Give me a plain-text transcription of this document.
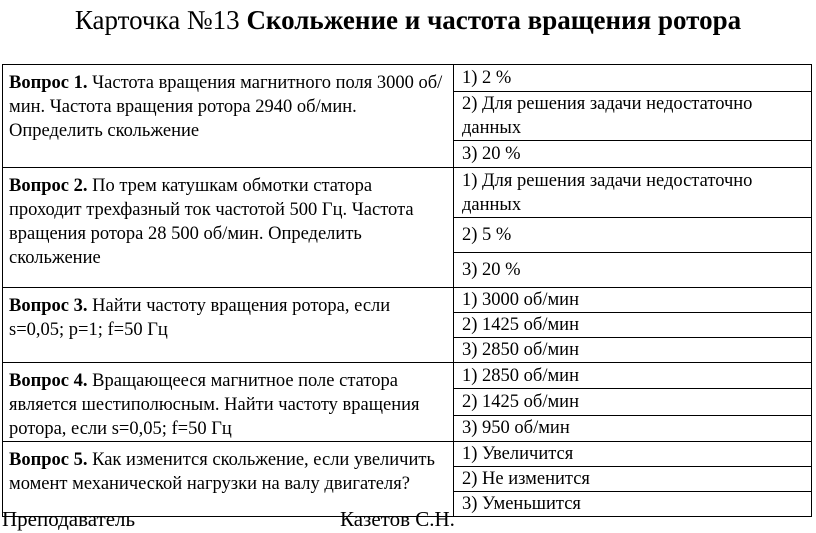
Карточка №13 Скольжение и частота вращения ротора
Вопрос 1. Частота вращения магнитного поля 3000 об/мин. Частота вращения ротора 2940 об/мин. Определить скольжение	1) 2 %
	2) Для решения задачи недостаточно данных
	3) 20 %
Вопрос 2. По трем катушкам обмотки статора проходит трехфазный ток частотой 500 Гц. Частота вращения ротора 28 500 об/мин. Определить скольжение	1) Для решения задачи недостаточно данных
	2) 5 %
	3) 20 %
Вопрос 3. Найти частоту вращения ротора, если s=0,05; p=1; f=50 Гц	1) 3000 об/мин
	2) 1425 об/мин
	3) 2850 об/мин
Вопрос 4. Вращающееся магнитное поле статора является шестиполюсным. Найти частоту вращения ротора, если s=0,05; f=50 Гц	1) 2850 об/мин
	2) 1425 об/мин
	3) 950 об/мин
Вопрос 5. Как изменится скольжение, если увеличить момент механической нагрузки на валу двигателя?	1) Увеличится
	2) Не изменится
	3) Уменьшится
Преподаватель	Казетов С.Н.
